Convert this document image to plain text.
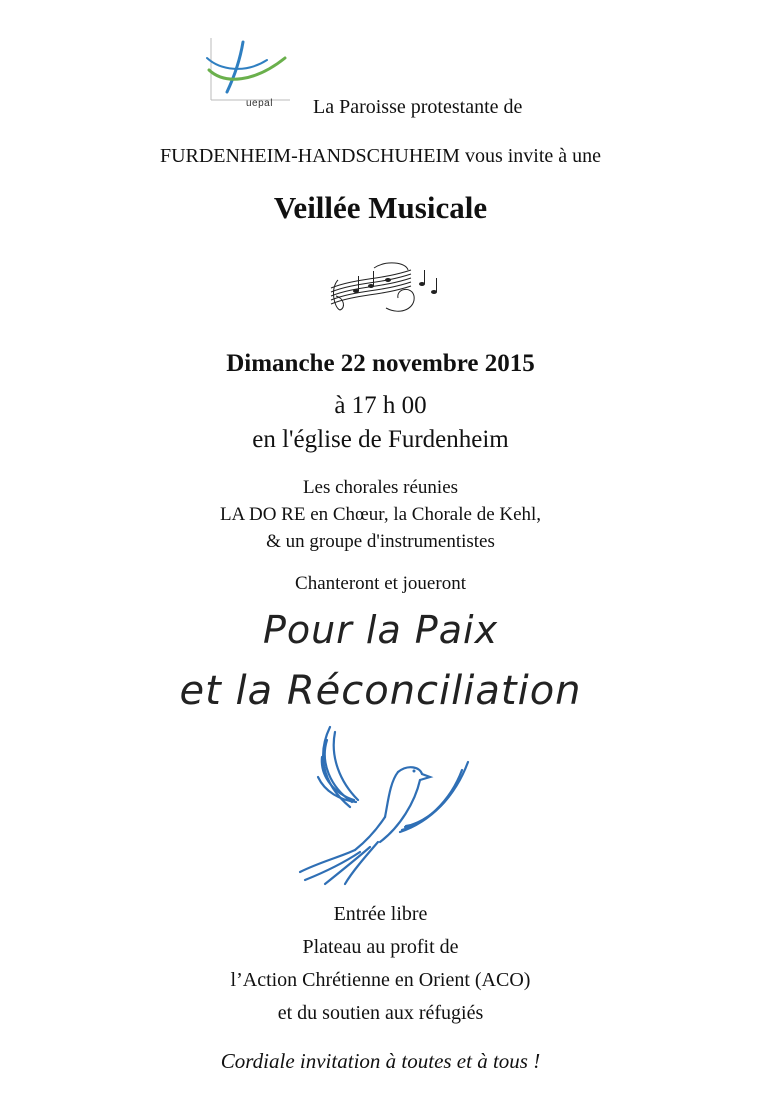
uepal La Paroisse protestante de
FURDENHEIM-HANDSCHUHEIM vous invite à une
Veillée Musicale
Dimanche 22 novembre 2015
à 17 h 00
en l'église de Furdenheim
Les chorales réunies
LA DO RE en Chœur, la Chorale de Kehl,
& un groupe d'instrumentistes
Chanteront et joueront
Pour la Paix
et la Réconciliation
Entrée libre
Plateau au profit de
l’Action Chrétienne en Orient (ACO)
et du soutien aux réfugiés
Cordiale invitation à toutes et à tous !
